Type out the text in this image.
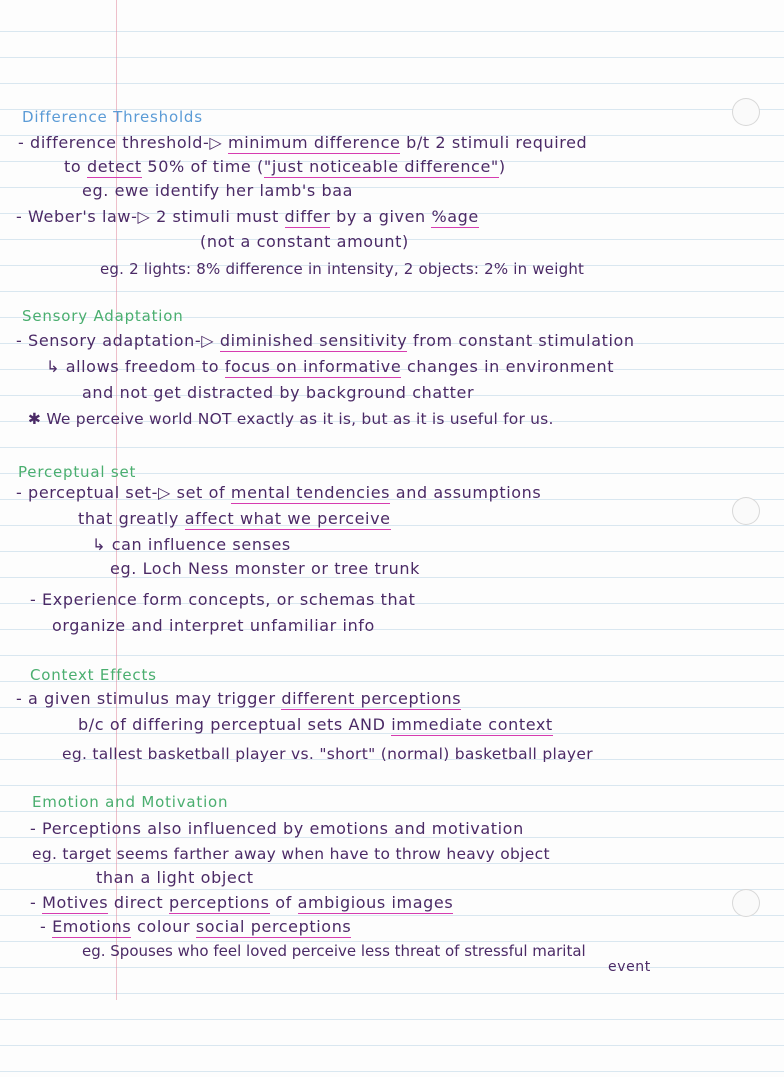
Difference Thresholds
- difference threshold-▷ minimum difference b/t 2 stimuli required
to detect 50% of time ("just noticeable difference")
eg. ewe identify her lamb's baa
- Weber's law-▷ 2 stimuli must differ by a given %age
(not a constant amount)
eg. 2 lights: 8% difference in intensity, 2 objects: 2% in weight
Sensory Adaptation
- Sensory adaptation-▷ diminished sensitivity from constant stimulation
↳ allows freedom to focus on informative changes in environment
and not get distracted by background chatter
✱ We perceive world NOT exactly as it is, but as it is useful for us.
Perceptual set
- perceptual set-▷ set of mental tendencies and assumptions
that greatly affect what we perceive
↳ can influence senses
eg. Loch Ness monster or tree trunk
- Experience form concepts, or schemas that
organize and interpret unfamiliar info
Context Effects
- a given stimulus may trigger different perceptions
b/c of differing perceptual sets AND immediate context
eg. tallest basketball player vs. "short" (normal) basketball player
Emotion and Motivation
- Perceptions also influenced by emotions and motivation
eg. target seems farther away when have to throw heavy object
than a light object
- Motives direct perceptions of ambigious images
- Emotions colour social perceptions
eg. Spouses who feel loved perceive less threat of stressful marital
event
